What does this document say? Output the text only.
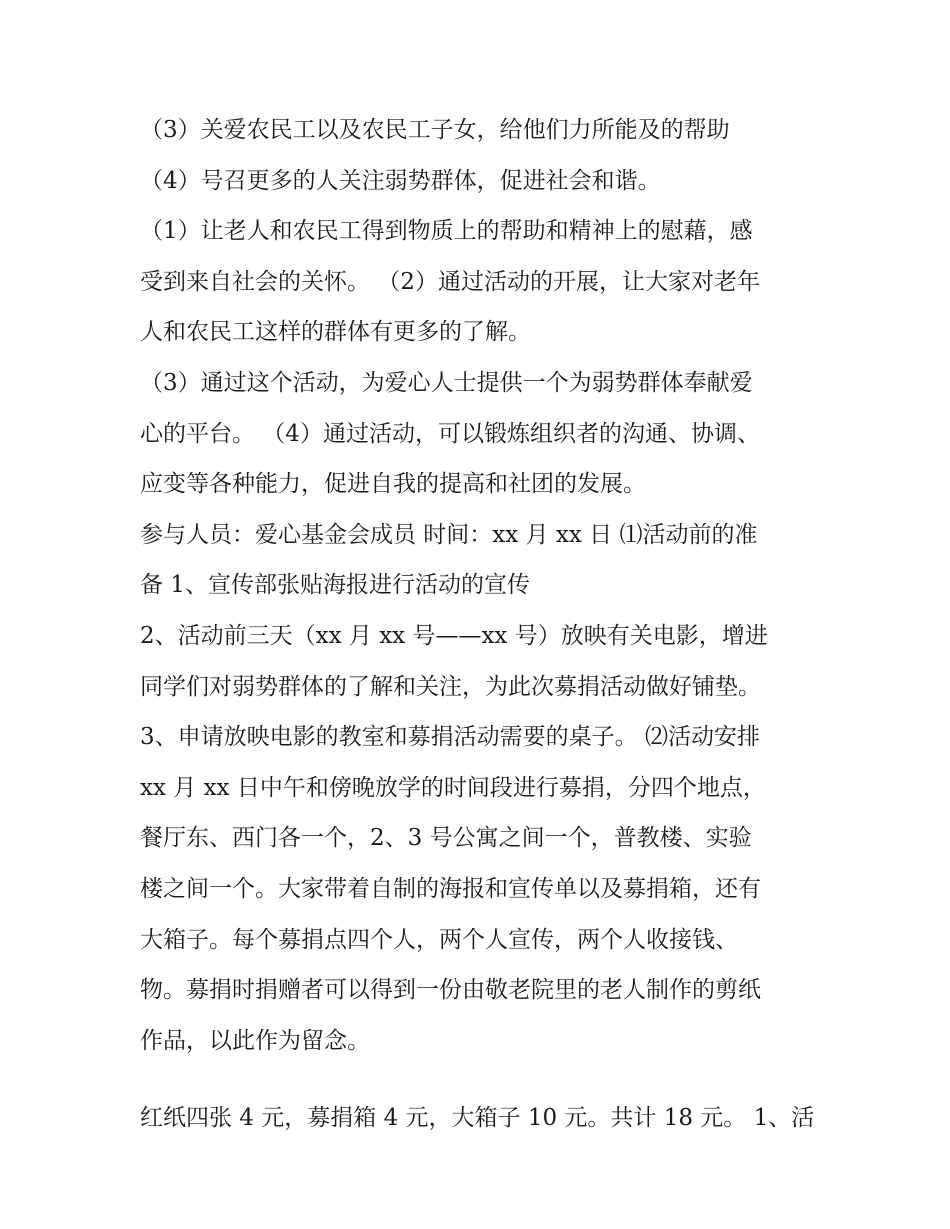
（3）关爱农民工以及农民工子女，给他们力所能及的帮助
（4）号召更多的人关注弱势群体，促进社会和谐。
（1）让老人和农民工得到物质上的帮助和精神上的慰藉，感
受到来自社会的关怀。 （2）通过活动的开展，让大家对老年
人和农民工这样的群体有更多的了解。
（3）通过这个活动，为爱心人士提供一个为弱势群体奉献爱
心的平台。 （4）通过活动，可以锻炼组织者的沟通、协调、
应变等各种能力，促进自我的提高和社团的发展。
参与人员：爱心基金会成员 时间：xx 月 xx 日 ⑴活动前的准
备 1、宣传部张贴海报进行活动的宣传
2、活动前三天（xx 月 xx 号——xx 号）放映有关电影，增进
同学们对弱势群体的了解和关注，为此次募捐活动做好铺垫。
3、申请放映电影的教室和募捐活动需要的桌子。 ⑵活动安排
xx 月 xx 日中午和傍晚放学的时间段进行募捐，分四个地点，
餐厅东、西门各一个，2、3 号公寓之间一个，普教楼、实验
楼之间一个。大家带着自制的海报和宣传单以及募捐箱，还有
大箱子。每个募捐点四个人，两个人宣传，两个人收接钱、
物。募捐时捐赠者可以得到一份由敬老院里的老人制作的剪纸
作品，以此作为留念。
红纸四张 4 元，募捐箱 4 元，大箱子 10 元。共计 18 元。 1、活
